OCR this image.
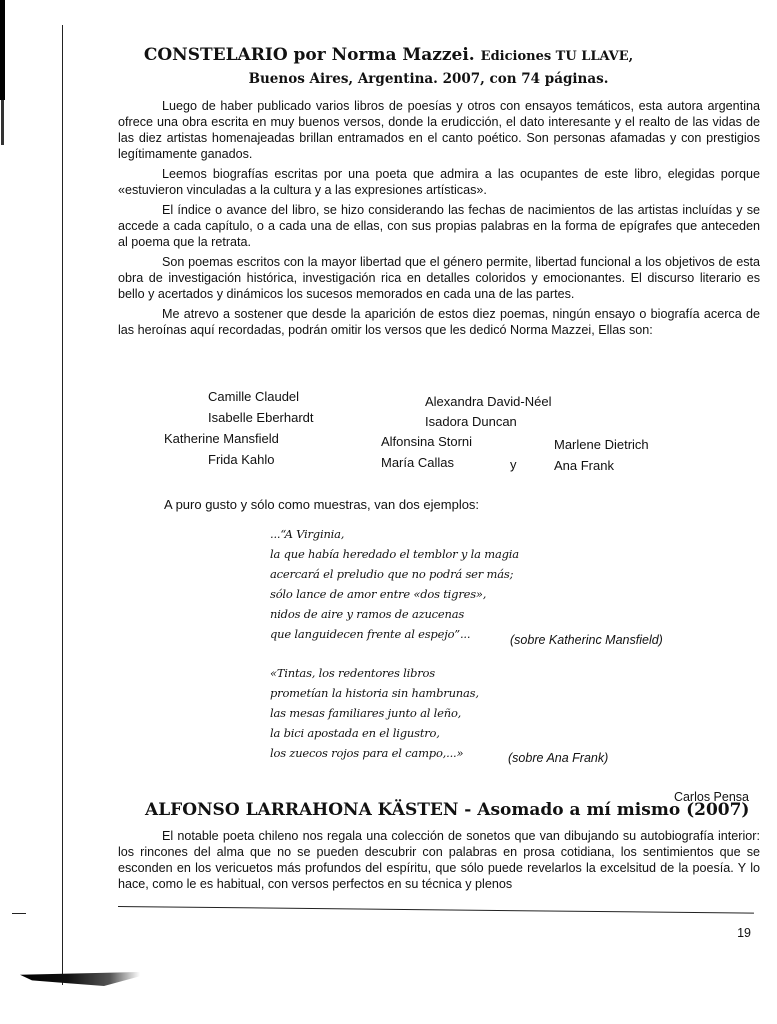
CONSTELARIO por Norma Mazzei. Ediciones TU LLAVE,
Buenos Aires, Argentina. 2007, con 74 páginas.

Luego de haber publicado varios libros de poesías y otros con ensayos temáticos, esta autora argentina ofrece una obra escrita en muy buenos versos, donde la erudicción, el dato interesante y el realto de las vidas de las diez artistas homenajeadas brillan entramados en el canto poético. Son personas afamadas y con prestigios legítimamente ganados.

Leemos biografías escritas por una poeta que admira a las ocupantes de este libro, elegidas porque «estuvieron vinculadas a la cultura y a las expresiones artísticas».

El índice o avance del libro, se hizo considerando las fechas de nacimientos de las artistas incluídas y se accede a cada capítulo, o a cada una de ellas, con sus propias palabras en la forma de epígrafes que anteceden al poema que la retrata.

Son poemas escritos con la mayor libertad que el género permite, libertad funcional a los objetivos de esta obra de investigación histórica, investigación rica en detalles coloridos y emocionantes. El discurso literario es bello y acertados y dinámicos los sucesos memorados en cada una de las partes.

Me atrevo a sostener que desde la aparición de estos diez poemas, ningún ensayo o biografía acerca de las heroínas aquí recordadas, podrán omitir los versos que les dedicó Norma Mazzei, Ellas son:

Camille Claudel	Alexandra David-Néel
Isabelle Eberhardt	Isadora Duncan
Katherine Mansfield	Alfonsina Storni	Marlene Dietrich
Frida Kahlo	María Callas	y	Ana Frank
A puro gusto y sólo como muestras, van dos ejemplos:
...“A Virginia,
la que había heredado el temblor y la magia
acercará el preludio que no podrá ser más;
sólo lance de amor entre «dos tigres»,
nidos de aire y ramos de azucenas
que languidecen frente al espejo”...	(sobre Katherinc Mansfield)
«Tintas, los redentores libros
prometían la historia sin hambrunas,
las mesas familiares junto al leño,
la bici apostada en el ligustro,
los zuecos rojos para el campo,...»	(sobre Ana Frank)
Carlos Pensa
ALFONSO LARRAHONA KÄSTEN - Asomado a mí mismo (2007)

El notable poeta chileno nos regala una colección de sonetos que van dibujando su autobiografía interior: los rincones del alma que no se pueden descubrir con palabras en prosa cotidiana, los sentimientos que se esconden en los vericuetos más profundos del espíritu, que sólo puede revelarlos la excelsitud de la poesía. Y lo hace, como le es habitual, con versos perfectos en su técnica y plenos

19
